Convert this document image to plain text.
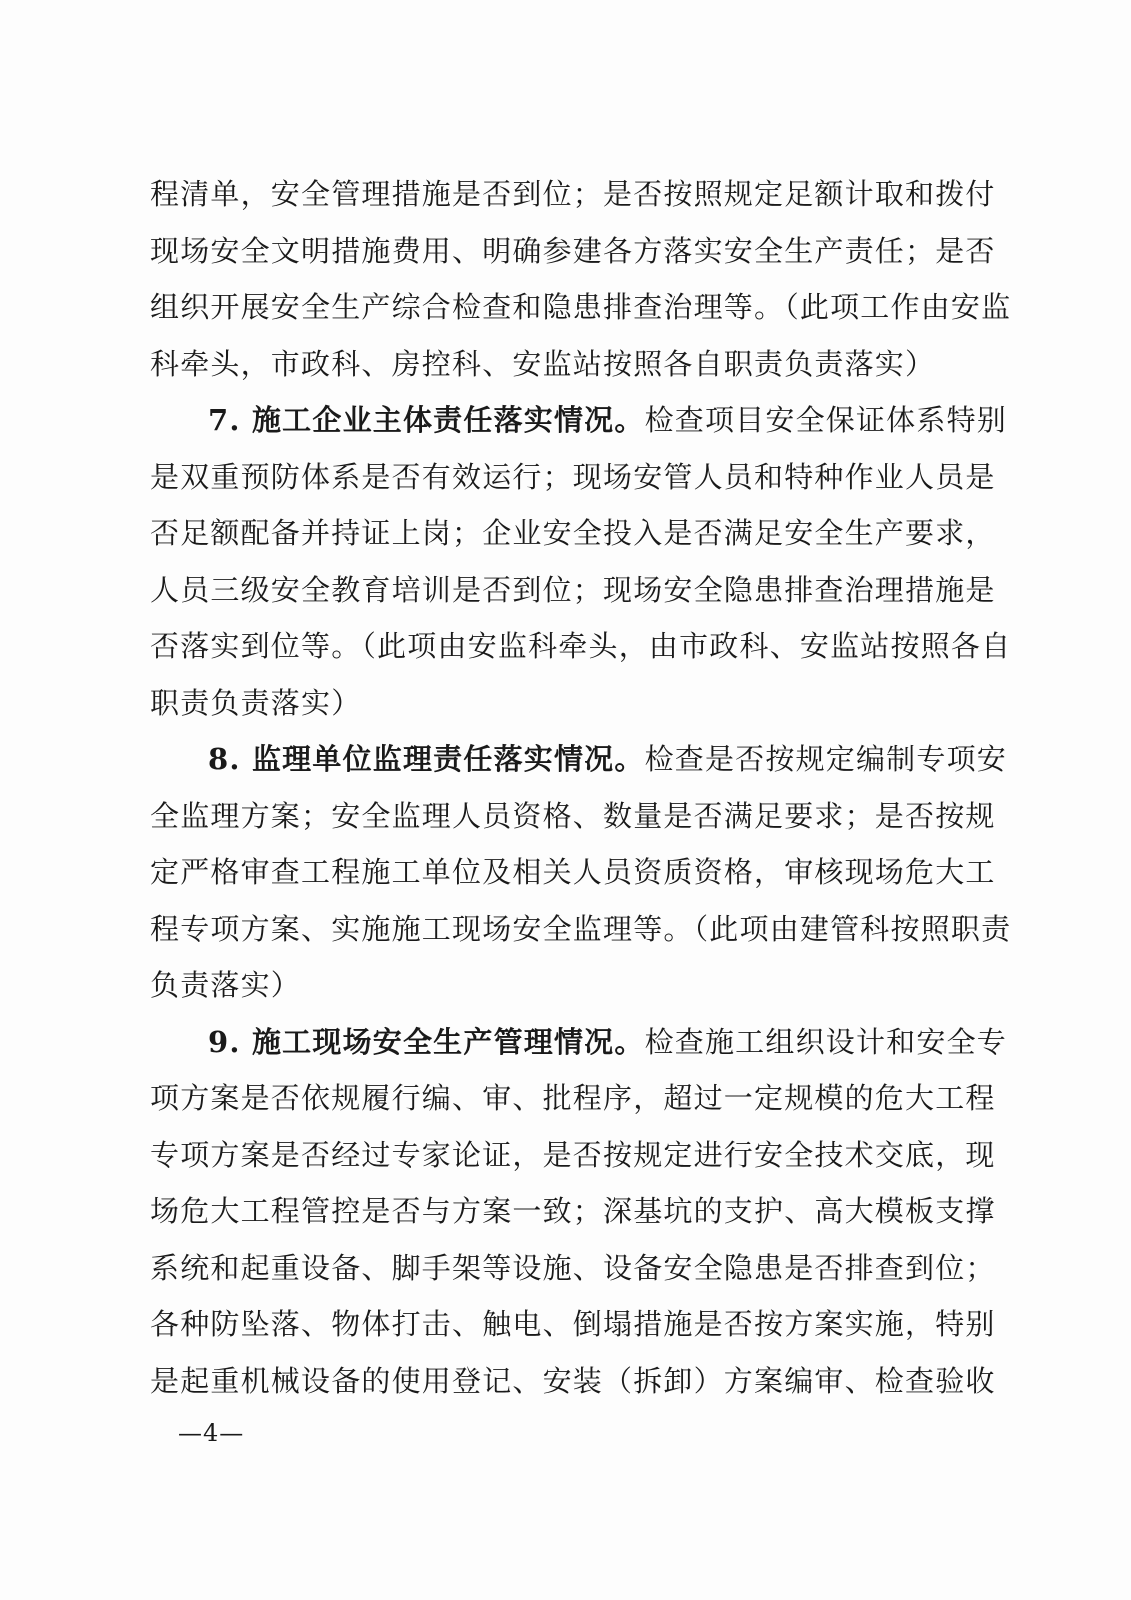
程清单，安全管理措施是否到位；是否按照规定足额计取和拨付
现场安全文明措施费用、明确参建各方落实安全生产责任；是否
组织开展安全生产综合检查和隐患排查治理等。（此项工作由安监
科牵头，市政科、房控科、安监站按照各自职责负责落实）
7. 施工企业主体责任落实情况。检查项目安全保证体系特别
是双重预防体系是否有效运行；现场安管人员和特种作业人员是
否足额配备并持证上岗；企业安全投入是否满足安全生产要求，
人员三级安全教育培训是否到位；现场安全隐患排查治理措施是
否落实到位等。（此项由安监科牵头，由市政科、安监站按照各自
职责负责落实）
8. 监理单位监理责任落实情况。检查是否按规定编制专项安
全监理方案；安全监理人员资格、数量是否满足要求；是否按规
定严格审查工程施工单位及相关人员资质资格，审核现场危大工
程专项方案、实施施工现场安全监理等。（此项由建管科按照职责
负责落实）
9. 施工现场安全生产管理情况。检查施工组织设计和安全专
项方案是否依规履行编、审、批程序，超过一定规模的危大工程
专项方案是否经过专家论证，是否按规定进行安全技术交底，现
场危大工程管控是否与方案一致；深基坑的支护、高大模板支撑
系统和起重设备、脚手架等设施、设备安全隐患是否排查到位；
各种防坠落、物体打击、触电、倒塌措施是否按方案实施，特别
是起重机械设备的使用登记、安装（拆卸）方案编审、检查验收
—4—
